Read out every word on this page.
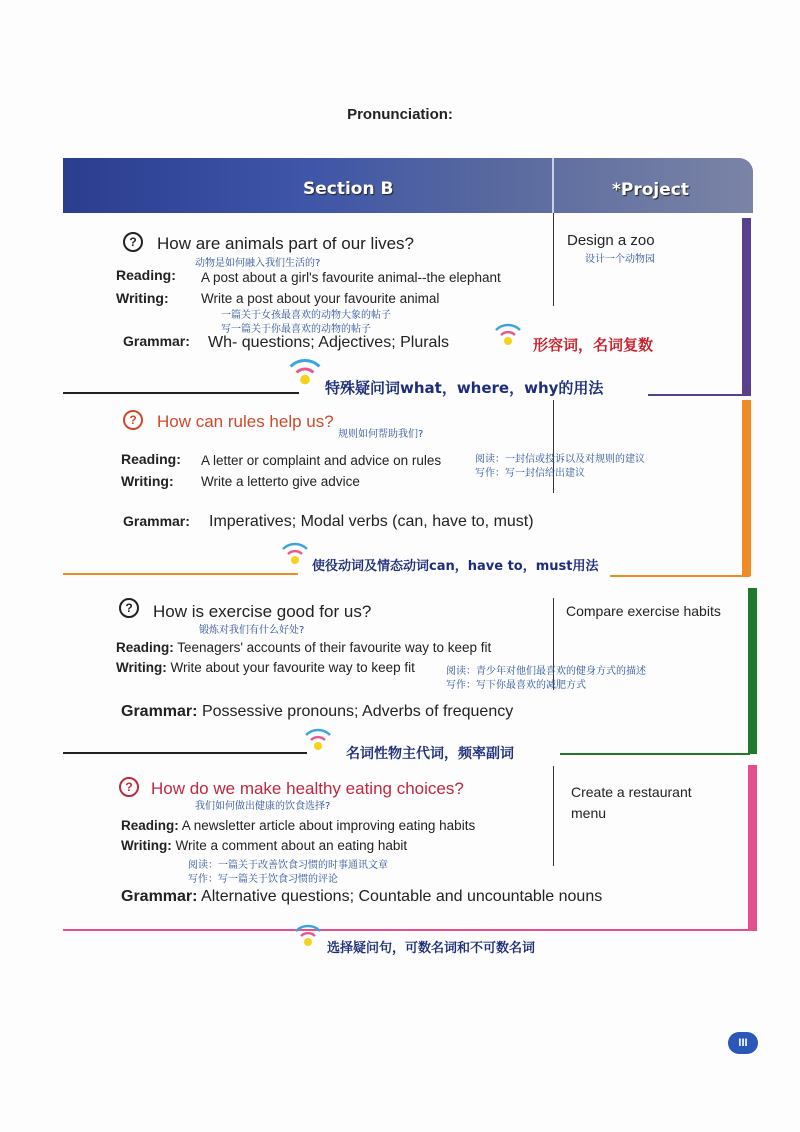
Pronunciation:
Section B	*Project
?	How are animals part of our lives?
动物是如何融入我们生活的?
Reading: A post about a girl's favourite animal--the elephant
Writing: Write a post about your favourite animal
一篇关于女孩最喜欢的动物大象的帖子
写一篇关于你最喜欢的动物的帖子
Grammar: Wh- questions; Adjectives; Plurals
Design a zoo
设计一个动物园
形容词，名词复数
特殊疑问词what，where，why的用法
?	How can rules help us?
规则如何帮助我们?
Reading: A letter or complaint and advice on rules
Writing: Write a letterto give advice
阅读：一封信或投诉以及对规则的建议
写作：写一封信给出建议
Grammar: Imperatives; Modal verbs (can, have to, must)
使役动词及情态动词can，have to，must用法
?	How is exercise good for us?
锻炼对我们有什么好处?
Reading: Teenagers' accounts of their favourite way to keep fit
Writing: Write about your favourite way to keep fit	阅读：青少年对他们最喜欢的健身方式的描述
写作：写下你最喜欢的减肥方式
Grammar: Possessive pronouns; Adverbs of frequency
Compare exercise habits
名词性物主代词，频率副词
?	How do we make healthy eating choices?
我们如何做出健康的饮食选择?
Reading: A newsletter article about improving eating habits
Writing: Write a comment about an eating habit
阅读：一篇关于改善饮食习惯的时事通讯文章
写作：写一篇关于饮食习惯的评论
Grammar: Alternative questions; Countable and uncountable nouns
Create a restaurant
menu
选择疑问句，可数名词和不可数名词
III
